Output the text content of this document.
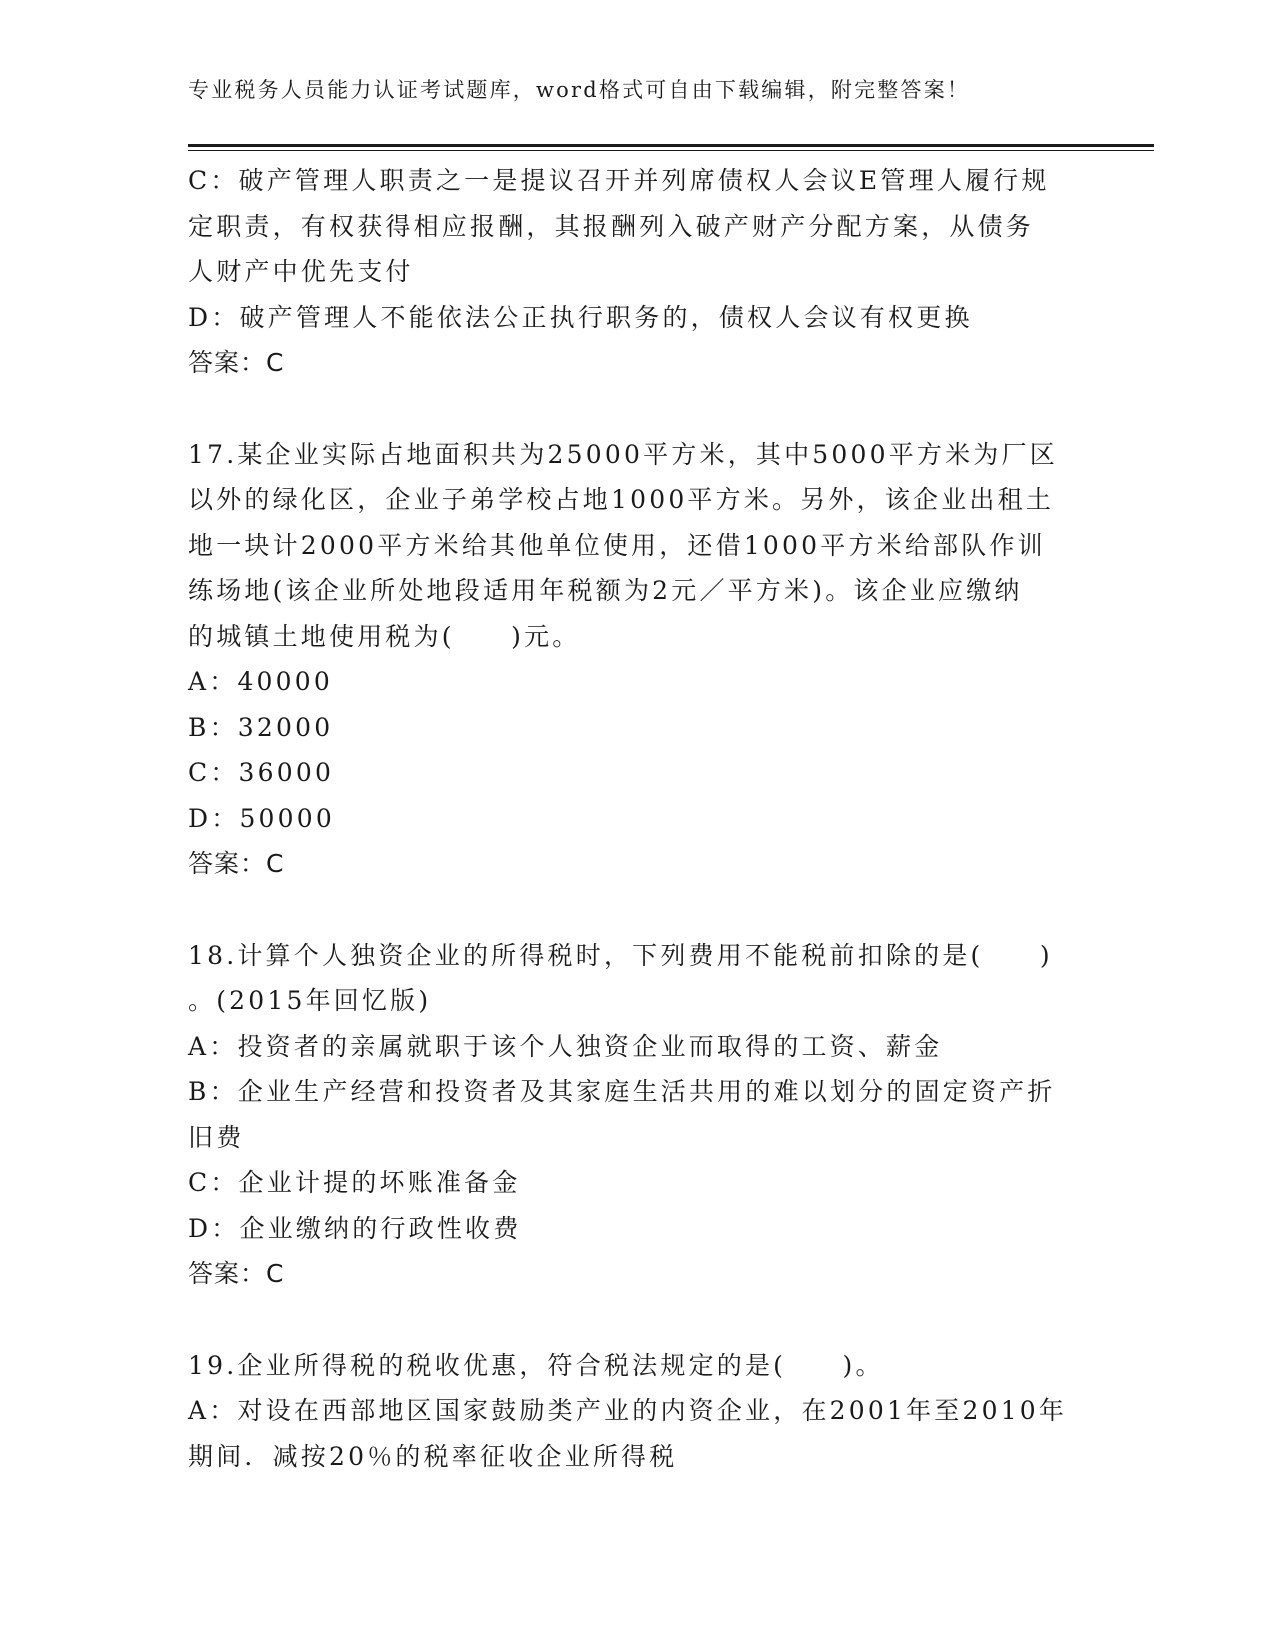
专业税务人员能力认证考试题库，word格式可自由下载编辑，附完整答案！
C：破产管理人职责之一是提议召开并列席债权人会议E管理人履行规
定职责，有权获得相应报酬，其报酬列入破产财产分配方案，从债务
人财产中优先支付
D：破产管理人不能依法公正执行职务的，债权人会议有权更换
答案：C
17.某企业实际占地面积共为25000平方米，其中5000平方米为厂区
以外的绿化区，企业子弟学校占地1000平方米。另外，该企业出租土
地一块计2000平方米给其他单位使用，还借1000平方米给部队作训
练场地(该企业所处地段适用年税额为2元／平方米)。该企业应缴纳
的城镇土地使用税为(　　)元。
A：40000
B：32000
C：36000
D：50000
答案：C
18.计算个人独资企业的所得税时，下列费用不能税前扣除的是(　　)
。(2015年回忆版)
A：投资者的亲属就职于该个人独资企业而取得的工资、薪金
B：企业生产经营和投资者及其家庭生活共用的难以划分的固定资产折
旧费
C：企业计提的坏账准备金
D：企业缴纳的行政性收费
答案：C
19.企业所得税的税收优惠，符合税法规定的是(　　)。
A：对设在西部地区国家鼓励类产业的内资企业，在2001年至2010年
期间．减按20％的税率征收企业所得税
